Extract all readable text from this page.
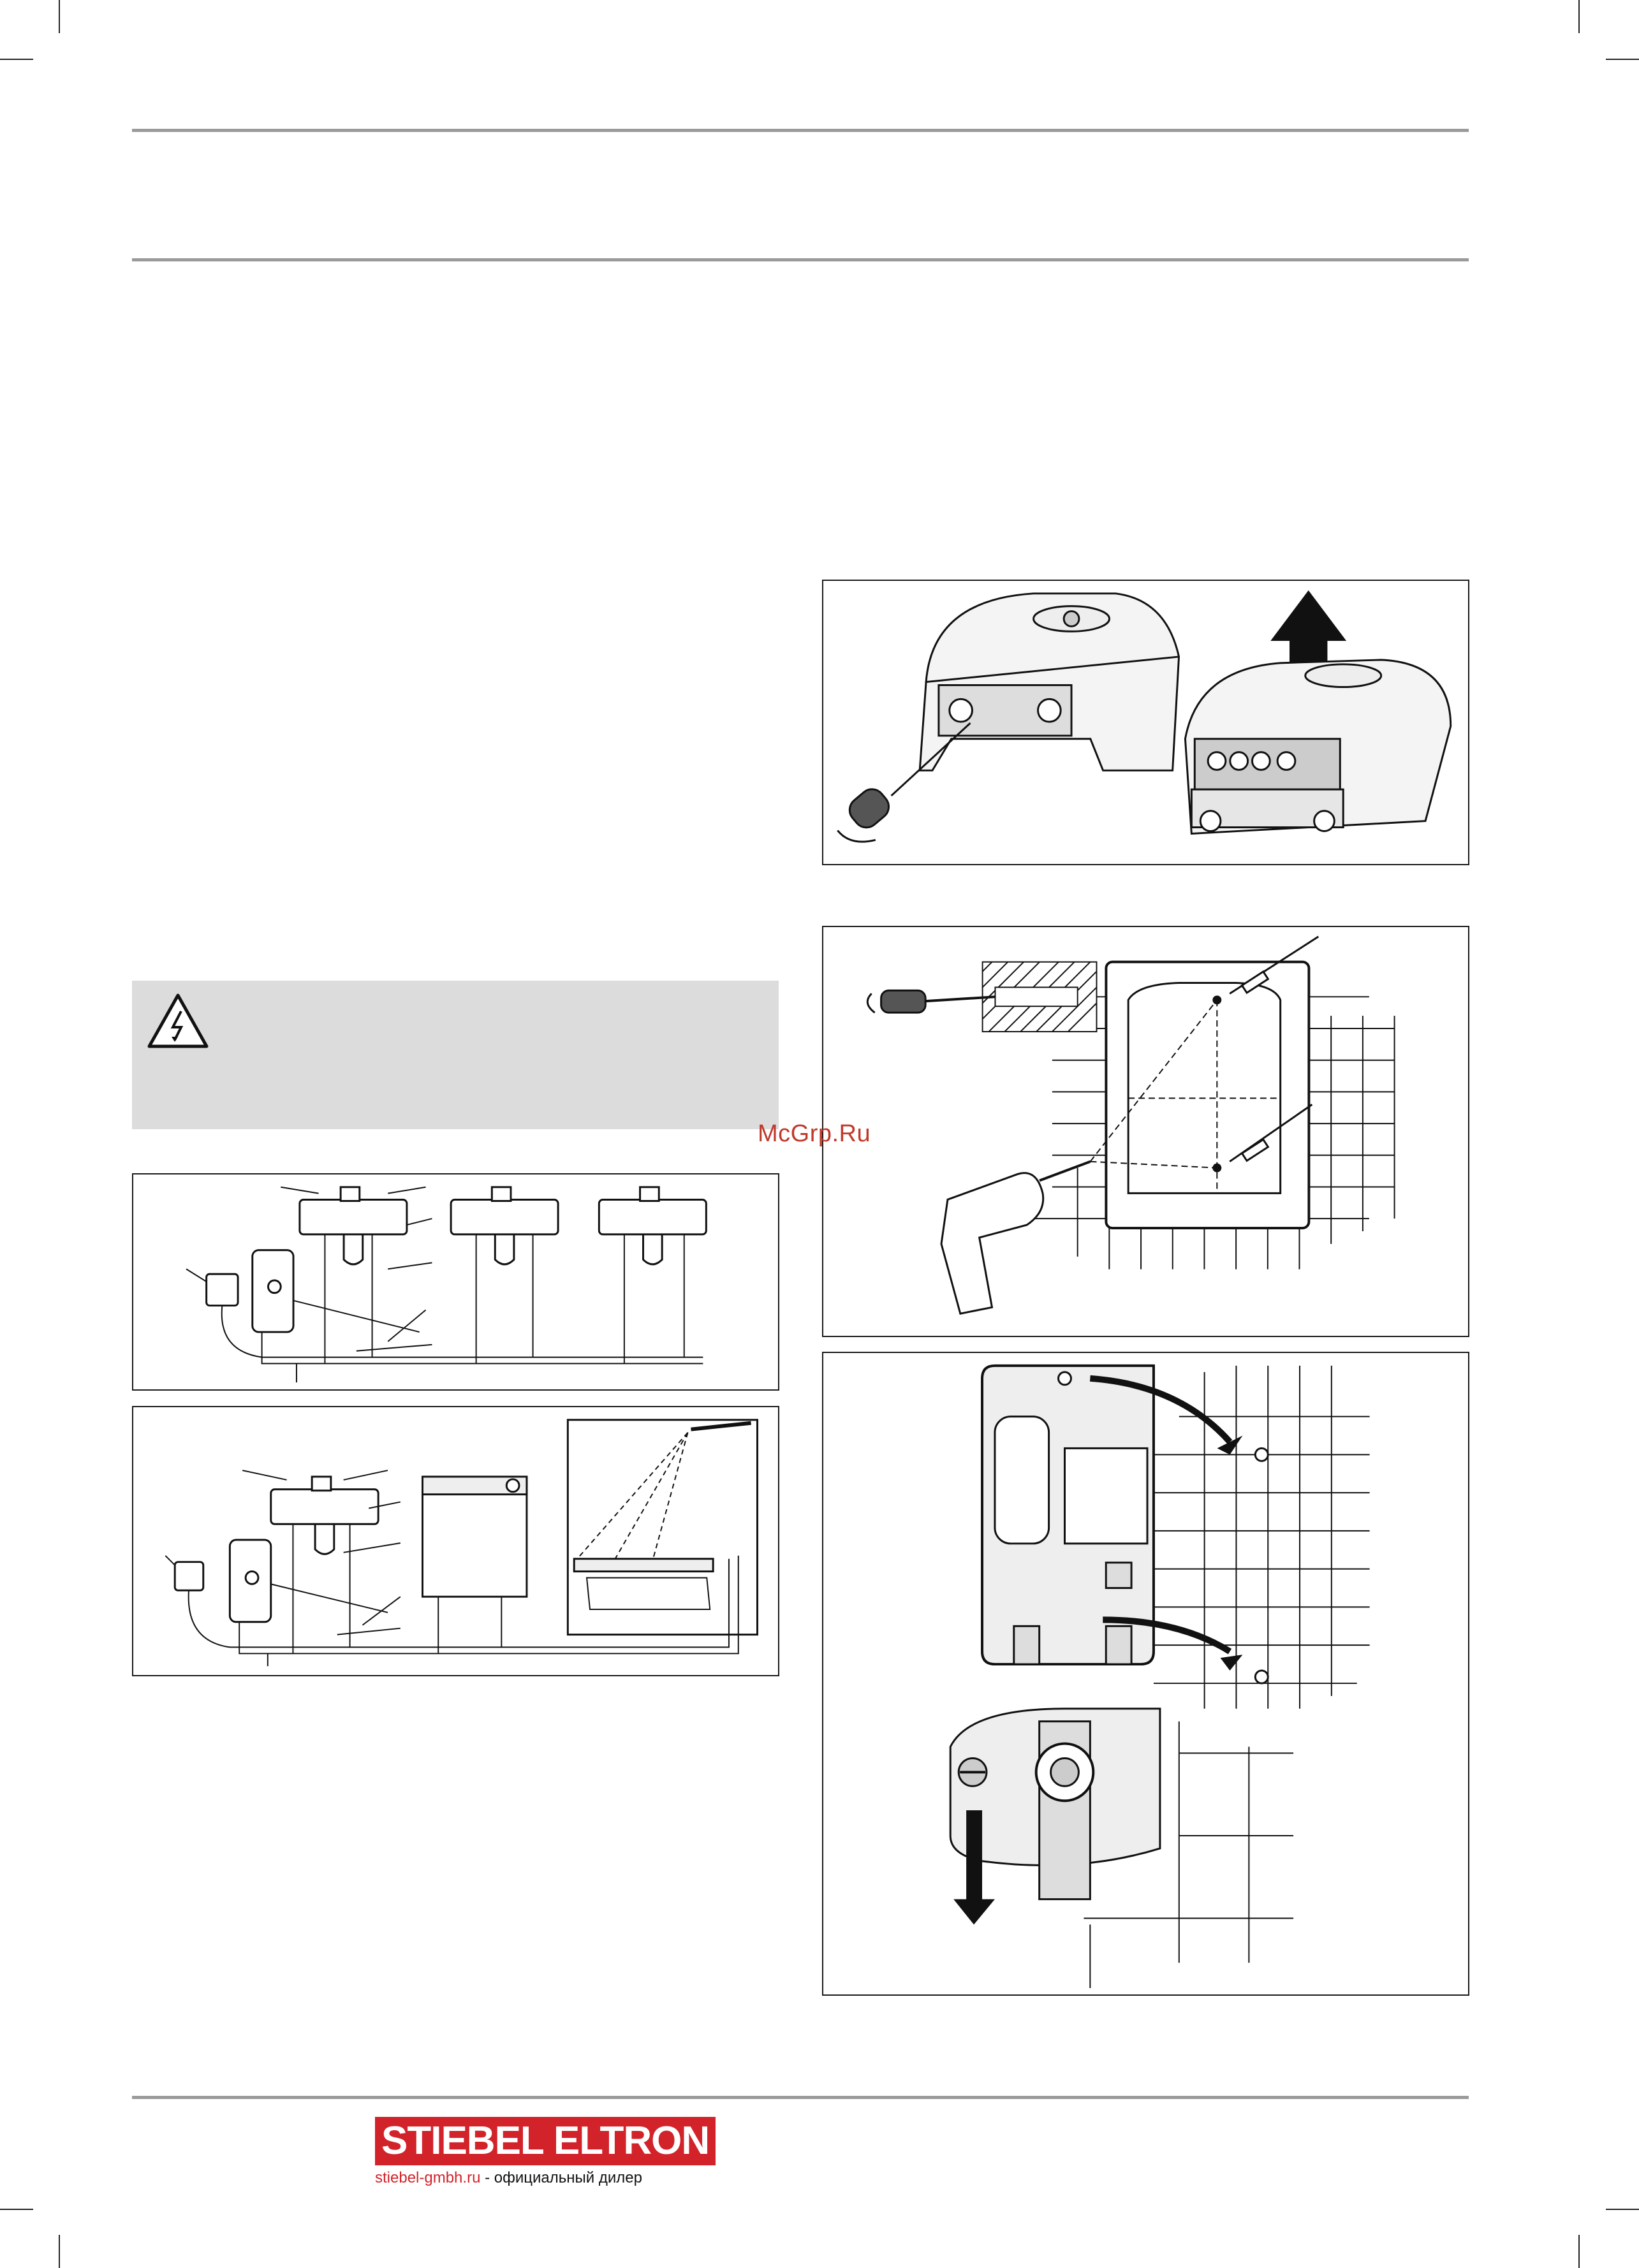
McGrp.Ru
STIEBEL ELTRON
stiebel-gmbh.ru - официальный дилер
